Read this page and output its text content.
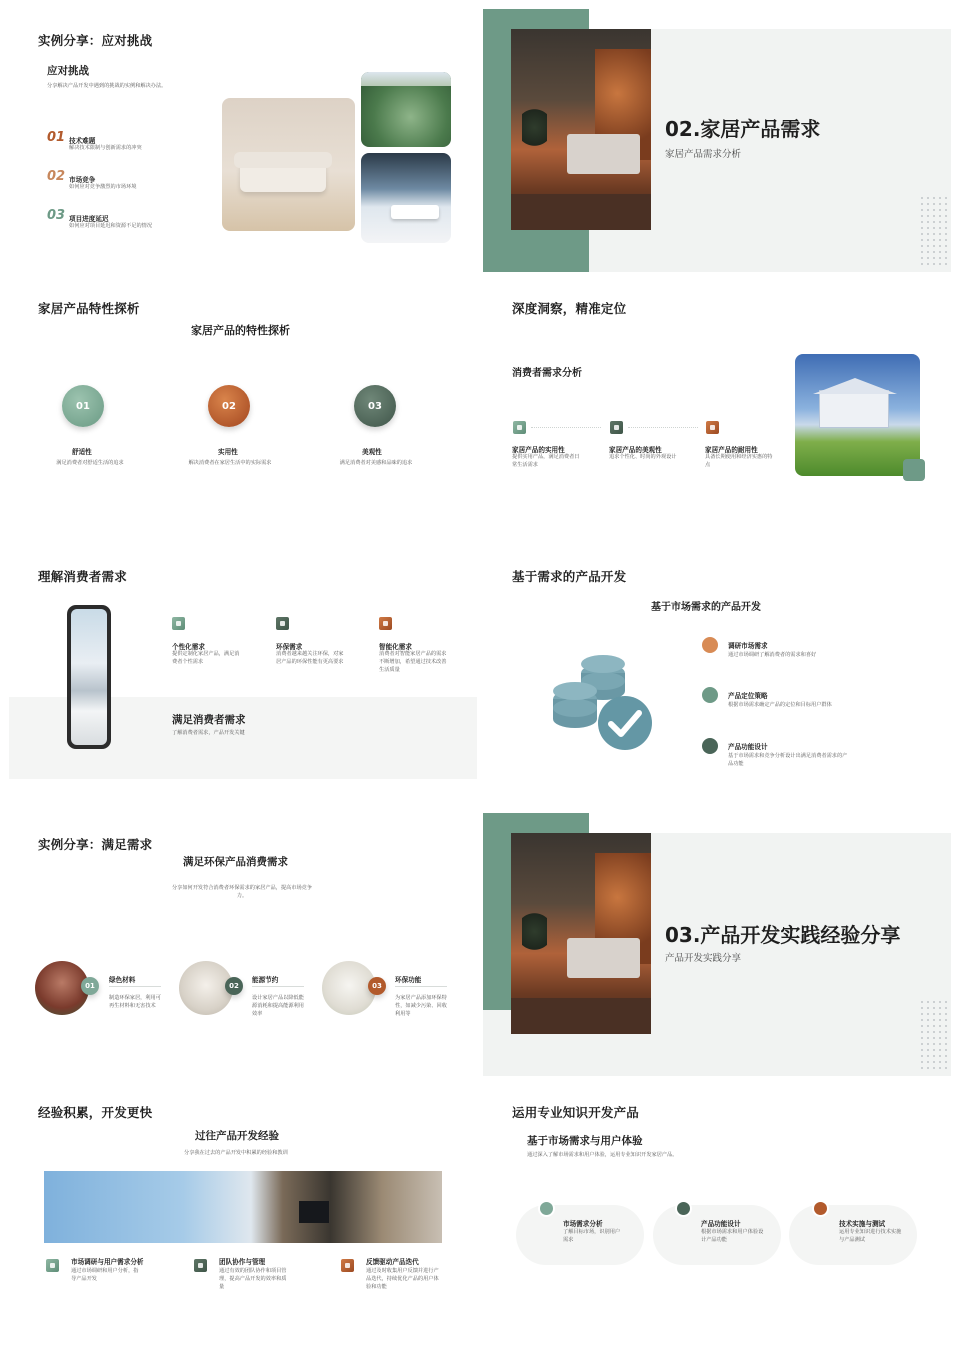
实例分享：应对挑战
应对挑战
分享解决产品开发中遇到的挑战的实例和解决办法。
01 技术难题
解决技术限制与创新需求的冲突
02 市场竞争
如何应对竞争激烈的市场环境
03 项目进度延迟
如何应对项目延迟和资源不足的情况
02.家居产品需求
家居产品需求分析
家居产品特性探析
家居产品的特性探析
01	02	03
舒适性
满足消费者对舒适生活的追求
实用性
解决消费者在家居生活中的实际需求
美观性
满足消费者对美感和品味的追求
深度洞察，精准定位
消费者需求分析
家居产品的实用性
提供实用产品，满足消费者日常生活需求
家居产品的美观性
追求个性化、时尚的外观设计
家居产品的耐用性
具备长期使用和经济实惠的特点
理解消费者需求
个性化需求
提供定制化家居产品，满足消费者个性需求
环保需求
消费者越来越关注环保，对家居产品的环保性能有更高要求
智能化需求
消费者对智能家居产品的需求不断增加，希望通过技术改善生活质量
满足消费者需求
了解消费者需求，产品开发关键
基于需求的产品开发
基于市场需求的产品开发
调研市场需求
通过市场调研了解消费者的需求和喜好
产品定位策略
根据市场需求确定产品的定位和目标用户群体
产品功能设计
基于市场需求和竞争分析设计出满足消费者需求的产品功能
实例分享：满足需求
满足环保产品消费需求
分享如何开发符合消费者环保需求的家居产品，提高市场竞争力。
01	02	03
绿色材料
制造环保家居，利用可再生材料和无害技术
能源节约
设计家居产品以降低能源消耗和提高能源利用效率
环保功能
为家居产品添加环保特性，如减少污染、回收利用等
03.产品开发实践经验分享
产品开发实践分享
经验积累，开发更快
过往产品开发经验
分享我在过去的产品开发中积累的经验和教训
市场调研与用户需求分析
通过市场调研和用户分析，指导产品开发
团队协作与管理
通过有效的团队协作和项目管理，提高产品开发的效率和质量
反馈驱动产品迭代
通过及时收集用户反馈并进行产品迭代，持续优化产品的用户体验和功能
运用专业知识开发产品
基于市场需求与用户体验
通过深入了解市场需求和用户体验，运用专业知识开发家居产品。
市场需求分析
了解目标市场，识别用户需求
产品功能设计
根据市场需求和用户体验设计产品功能
技术实施与测试
运用专业知识进行技术实施与产品测试
